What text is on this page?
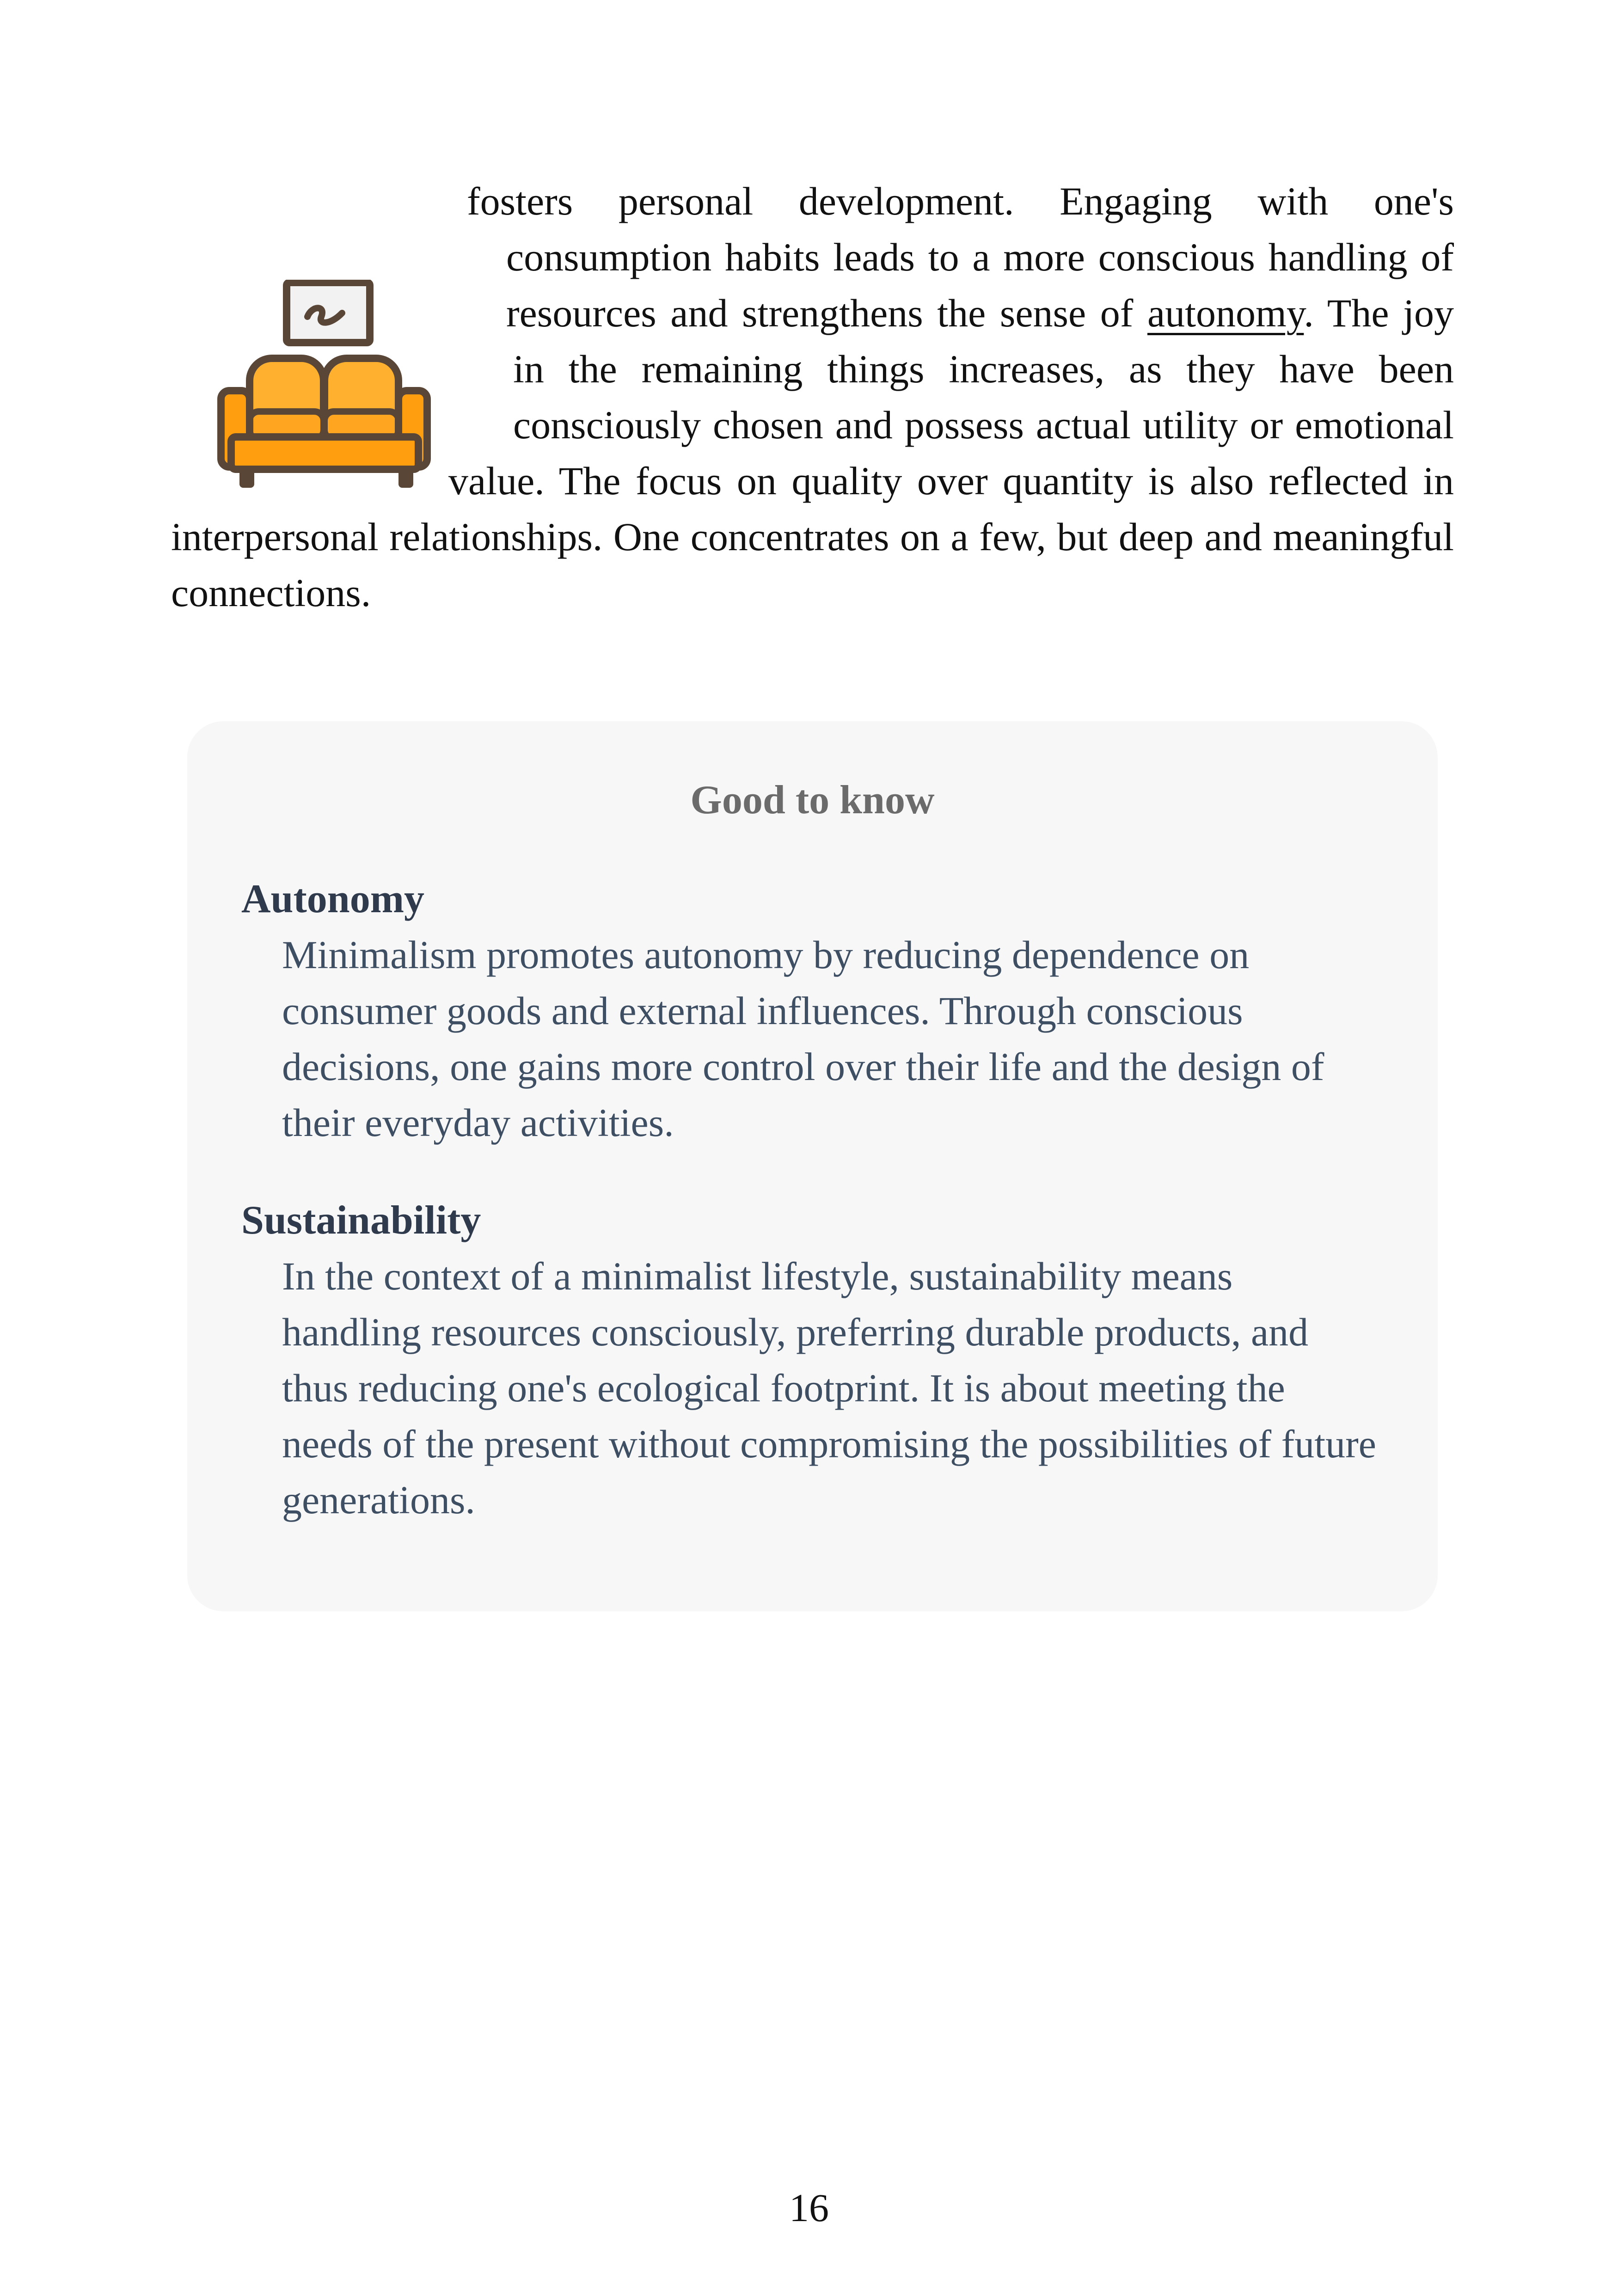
fosters personal development. Engaging with one's consumption habits leads to a more conscious handling of resources and strengthens the sense of autonomy. The joy in the remaining things increases, as they have been consciously chosen and possess actual utility or emotional value. The focus on quality over quantity is also reflected in interpersonal relationships. One concentrates on a few, but deep and meaningful connections.

Good to know

Autonomy

Minimalism promotes autonomy by reducing dependence on consumer goods and external influences. Through conscious decisions, one gains more control over their life and the design of their everyday activities.

Sustainability

In the context of a minimalist lifestyle, sustainability means handling resources consciously, preferring durable products, and thus reducing one's ecological footprint. It is about meeting the needs of the present without compromising the possibilities of future generations.

16
